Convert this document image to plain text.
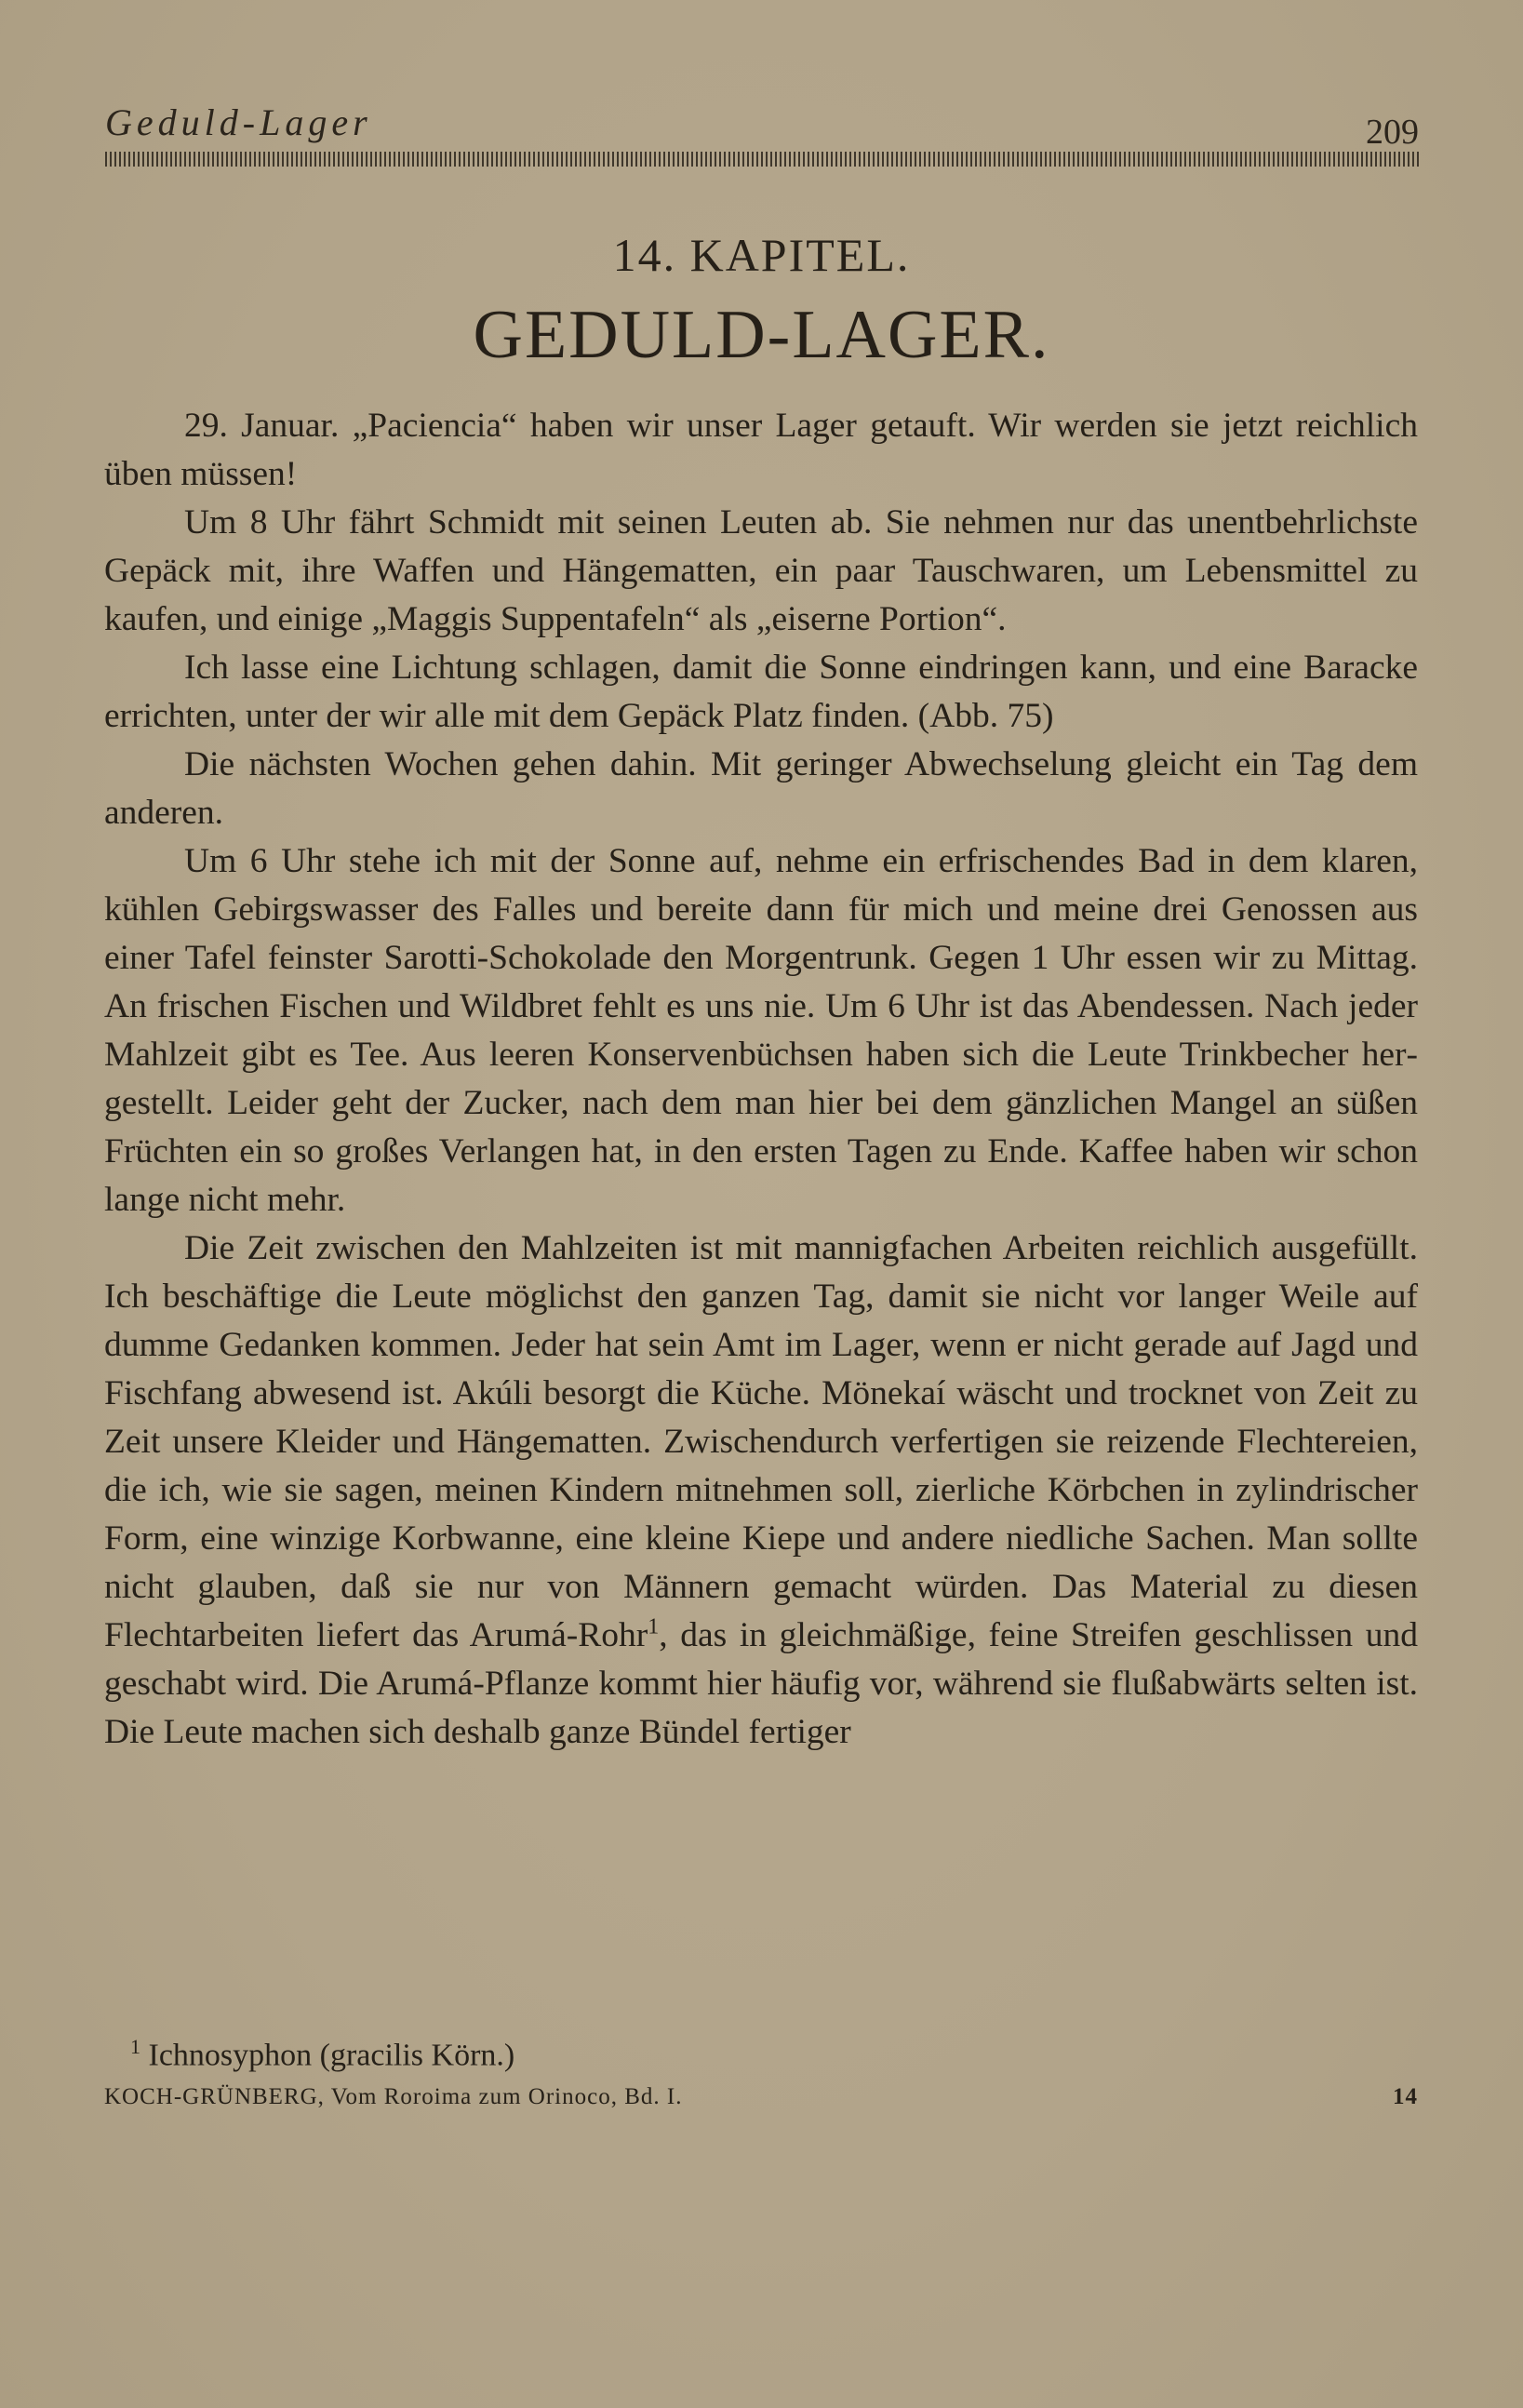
Geduld-Lager	209
14. KAPITEL.
GEDULD-LAGER.

29. Januar. „Paciencia“ haben wir unser Lager getauft. Wir werden sie jetzt reichlich üben müssen!

Um 8 Uhr fährt Schmidt mit seinen Leuten ab. Sie nehmen nur das unentbehrlichste Gepäck mit, ihre Waffen und Hängematten, ein paar Tauschwaren, um Lebensmittel zu kaufen, und einige „Maggis Suppentafeln“ als „eiserne Portion“.

Ich lasse eine Lichtung schlagen, damit die Sonne eindringen kann, und eine Baracke errichten, unter der wir alle mit dem Gepäck Platz finden. (Abb. 75)

Die nächsten Wochen gehen dahin. Mit geringer Abwechselung gleicht ein Tag dem anderen.

Um 6 Uhr stehe ich mit der Sonne auf, nehme ein erfrischendes Bad in dem klaren, kühlen Gebirgswasser des Falles und bereite dann für mich und meine drei Genossen aus einer Tafel feinster Sarotti-Schokolade den Morgentrunk. Gegen 1 Uhr essen wir zu Mittag. An frischen Fischen und Wildbret fehlt es uns nie. Um 6 Uhr ist das Abendessen. Nach jeder Mahlzeit gibt es Tee. Aus leeren Konservenbüchsen haben sich die Leute Trinkbecher hergestellt. Leider geht der Zucker, nach dem man hier bei dem gänzlichen Mangel an süßen Früchten ein so großes Verlangen hat, in den ersten Tagen zu Ende. Kaffee haben wir schon lange nicht mehr.

Die Zeit zwischen den Mahlzeiten ist mit mannigfachen Arbeiten reichlich ausgefüllt. Ich beschäftige die Leute möglichst den ganzen Tag, damit sie nicht vor langer Weile auf dumme Gedanken kommen. Jeder hat sein Amt im Lager, wenn er nicht gerade auf Jagd und Fischfang abwesend ist. Akúli besorgt die Küche. Mönekaí wäscht und trocknet von Zeit zu Zeit unsere Kleider und Hängematten. Zwischendurch verfertigen sie reizende Flechtereien, die ich, wie sie sagen, meinen Kindern mitnehmen soll, zierliche Körbchen in zylindrischer Form, eine winzige Korbwanne, eine kleine Kiepe und andere niedliche Sachen. Man sollte nicht glauben, daß sie nur von Männern gemacht würden. Das Material zu diesen Flechtarbeiten liefert das Arumá-Rohr$^1$, das in gleichmäßige, feine Streifen geschlissen und geschabt wird. Die Arumá-Pflanze kommt hier häufig vor, während sie flußabwärts selten ist. Die Leute machen sich deshalb ganze Bündel fertiger

$^1$ Ichnosyphon (gracilis Körn.)
KOCH-GRÜNBERG, Vom Roroima zum Orinoco, Bd. I.	14
